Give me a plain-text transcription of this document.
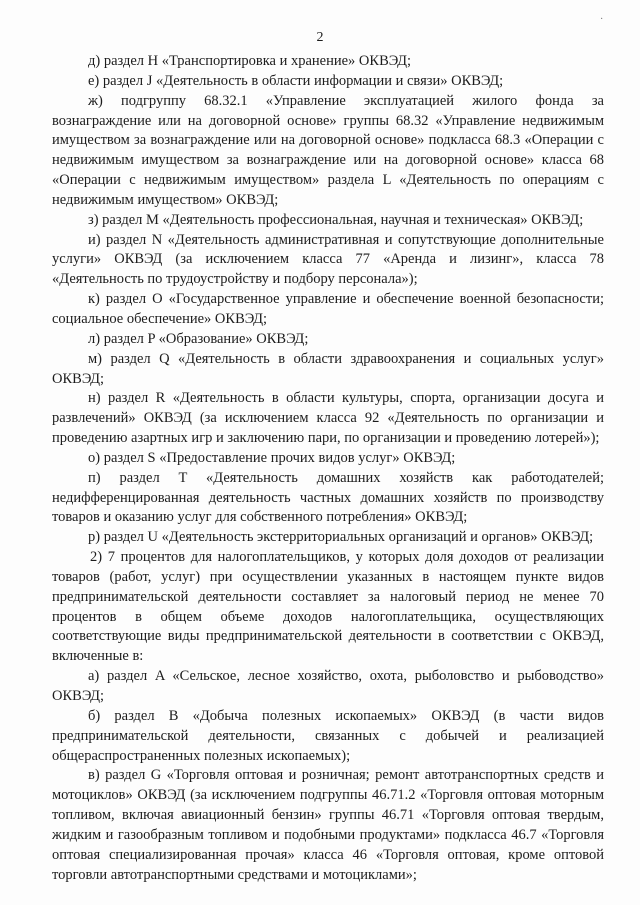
·
2

д) раздел H «Транспортировка и хранение» ОКВЭД;

е) раздел J «Деятельность в области информации и связи» ОКВЭД;

ж) подгруппу 68.32.1 «Управление эксплуатацией жилого фонда за вознаграждение или на договорной основе» группы 68.32 «Управление недвижимым имуществом за вознаграждение или на договорной основе» подкласса 68.3 «Операции с недвижимым имуществом за вознаграждение или на договорной основе» класса 68 «Операции с недвижимым имуществом» раздела L «Деятельность по операциям с недвижимым имуществом» ОКВЭД;

з) раздел M «Деятельность профессиональная, научная и техническая» ОКВЭД;

и) раздел N «Деятельность административная и сопутствующие дополнительные услуги» ОКВЭД (за исключением класса 77 «Аренда и лизинг», класса 78 «Деятельность по трудоустройству и подбору персонала»);

к) раздел O «Государственное управление и обеспечение военной безопасности; социальное обеспечение» ОКВЭД;

л) раздел P «Образование» ОКВЭД;

м) раздел Q «Деятельность в области здравоохранения и социальных услуг» ОКВЭД;

н) раздел R «Деятельность в области культуры, спорта, организации досуга и развлечений» ОКВЭД (за исключением класса 92 «Деятельность по организации и проведению азартных игр и заключению пари, по организации и проведению лотерей»);

о) раздел S «Предоставление прочих видов услуг» ОКВЭД;

п) раздел T «Деятельность домашних хозяйств как работодателей; недифференцированная деятельность частных домашних хозяйств по производству товаров и оказанию услуг для собственного потребления» ОКВЭД;

р) раздел U «Деятельность экстерриториальных организаций и органов» ОКВЭД;

2) 7 процентов для налогоплательщиков, у которых доля доходов от реализации товаров (работ, услуг) при осуществлении указанных в настоящем пункте видов предпринимательской деятельности составляет за налоговый период не менее 70 процентов в общем объеме доходов налогоплательщика, осуществляющих соответствующие виды предпринимательской деятельности в соответствии с ОКВЭД, включенные в:

а) раздел A «Сельское, лесное хозяйство, охота, рыболовство и рыбоводство» ОКВЭД;

б) раздел B «Добыча полезных ископаемых» ОКВЭД (в части видов предпринимательской деятельности, связанных с добычей и реализацией общераспространенных полезных ископаемых);

в) раздел G «Торговля оптовая и розничная; ремонт автотранспортных средств и мотоциклов» ОКВЭД (за исключением подгруппы 46.71.2 «Торговля оптовая моторным топливом, включая авиационный бензин» группы 46.71 «Торговля оптовая твердым, жидким и газообразным топливом и подобными продуктами» подкласса 46.7 «Торговля оптовая специализированная прочая» класса 46 «Торговля оптовая, кроме оптовой торговли автотранспортными средствами и мотоциклами»;
